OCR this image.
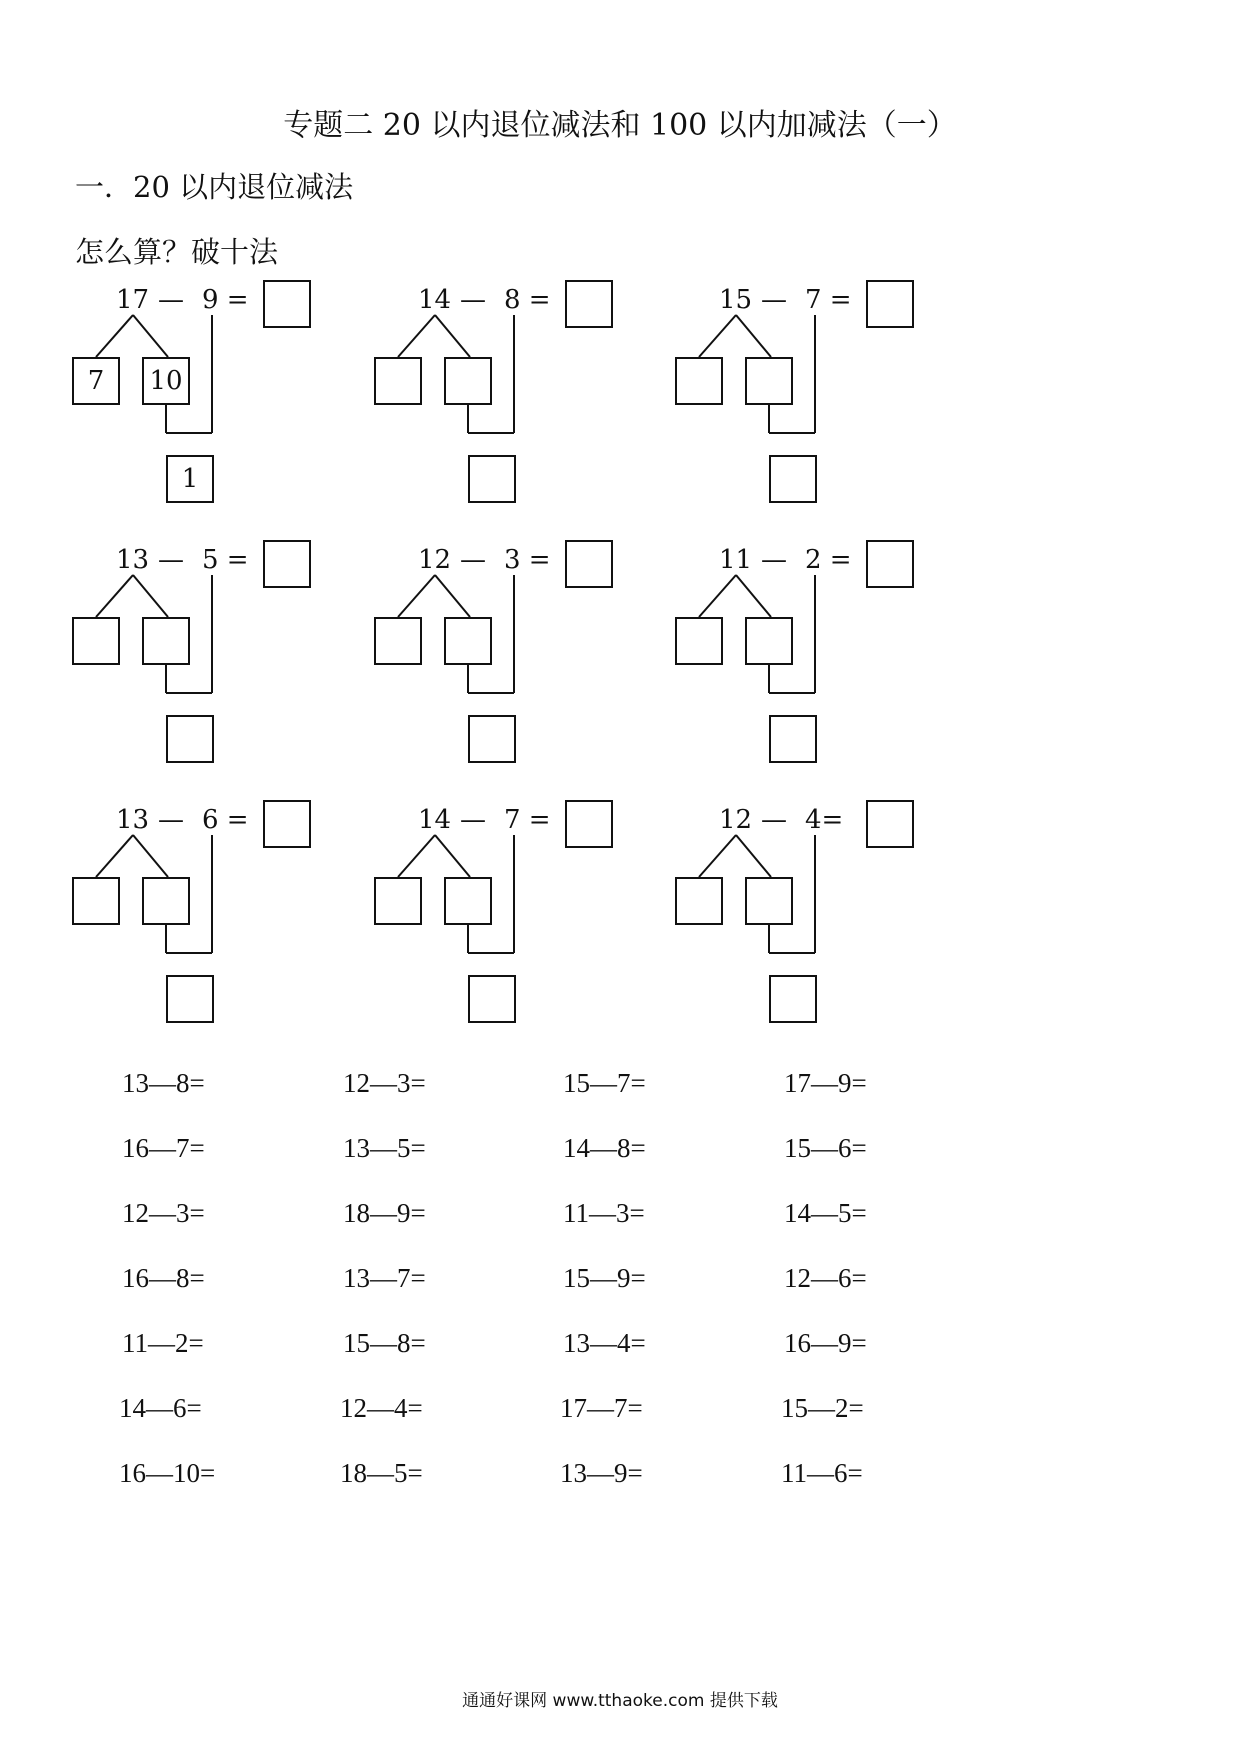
专题二 20 以内退位减法和 100 以内加减法（一）
一．20 以内退位减法
怎么算？破十法
17 — 9 =
7	10
1
14 — 8 =	15 — 7 =
13 — 5 =	12 — 3 =	11 — 2 =
13 — 6 =	14 — 7 =	12 — 4=
13—8=	12—3=	15—7=	17—9=
16—7=	13—5=	14—8=	15—6=
12—3=	18—9=	11—3=	14—5=
16—8=	13—7=	15—9=	12—6=
11—2=	15—8=	13—4=	16—9=
14—6=	12—4=	17—7=	15—2=
16—10=	18—5=	13—9=	11—6=
通通好课网 www.tthaoke.com 提供下载
